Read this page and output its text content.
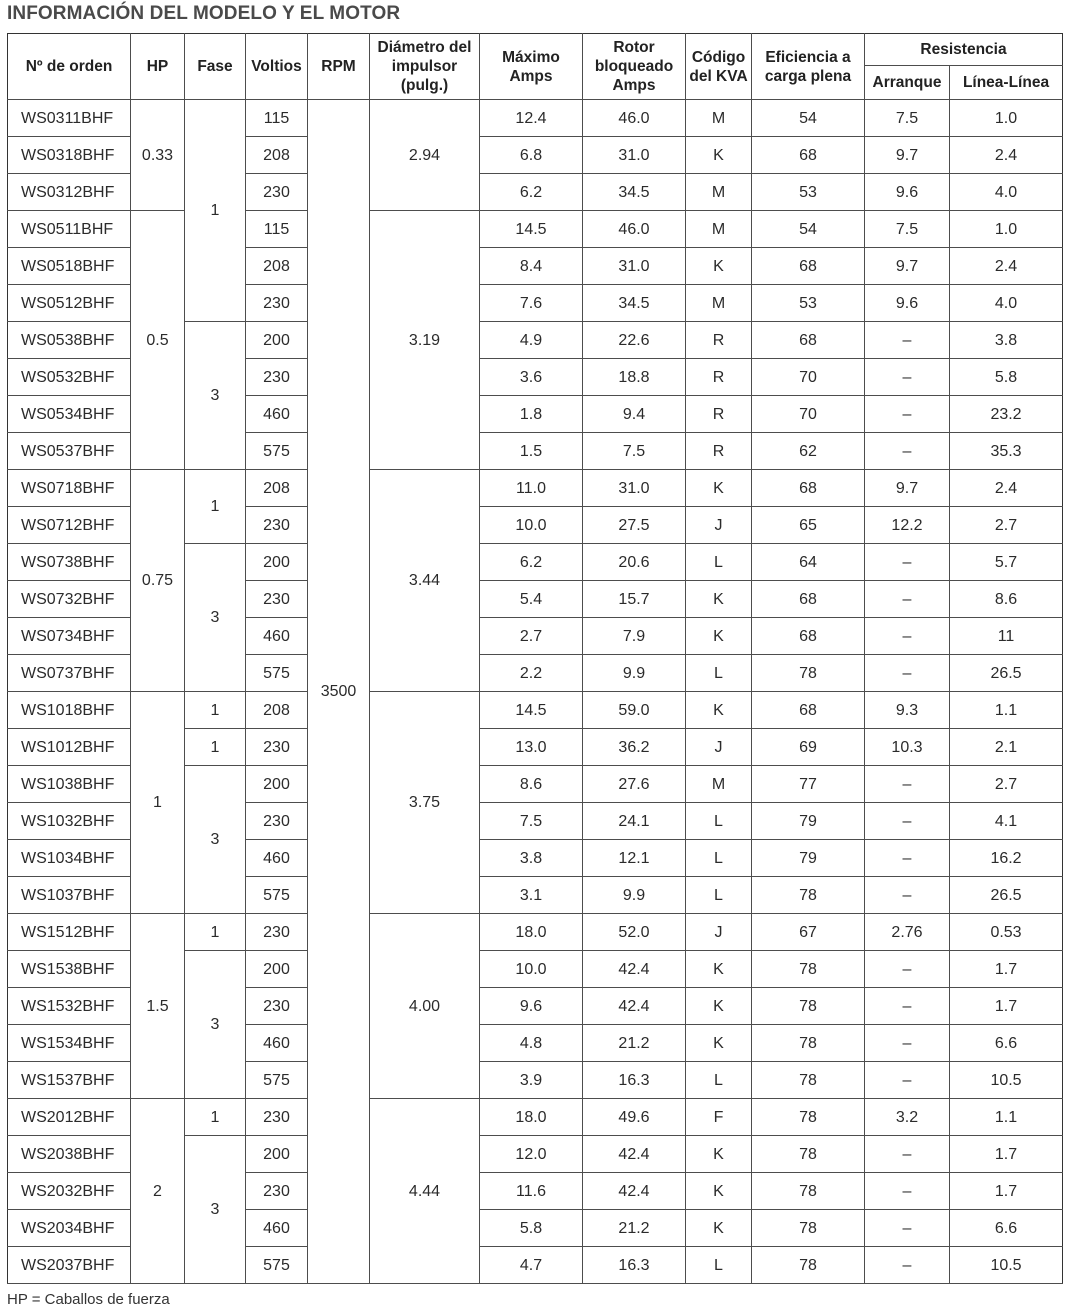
INFORMACIÓN DEL MODELO Y EL MOTOR
Nº de orden	HP	Fase	Voltios	RPM	Diámetro del impulsor (pulg.)	Máximo Amps	Rotor bloqueado Amps	Código del KVA	Eficiencia a carga plena	Resistencia	
										Arranque	Línea-Línea
WS0311BHF	0.33	1	115	3500	2.94	12.4	46.0	M	54	7.5	1.0
WS0318BHF			208			6.8	31.0	K	68	9.7	2.4
WS0312BHF			230			6.2	34.5	M	53	9.6	4.0
WS0511BHF	0.5		115		3.19	14.5	46.0	M	54	7.5	1.0
WS0518BHF			208			8.4	31.0	K	68	9.7	2.4
WS0512BHF			230			7.6	34.5	M	53	9.6	4.0
WS0538BHF		3	200			4.9	22.6	R	68	–	3.8
WS0532BHF			230			3.6	18.8	R	70	–	5.8
WS0534BHF			460			1.8	9.4	R	70	–	23.2
WS0537BHF			575			1.5	7.5	R	62	–	35.3
WS0718BHF	0.75	1	208		3.44	11.0	31.0	K	68	9.7	2.4
WS0712BHF			230			10.0	27.5	J	65	12.2	2.7
WS0738BHF		3	200			6.2	20.6	L	64	–	5.7
WS0732BHF			230			5.4	15.7	K	68	–	8.6
WS0734BHF			460			2.7	7.9	K	68	–	11
WS0737BHF			575			2.2	9.9	L	78	–	26.5
WS1018BHF	1	1	208		3.75	14.5	59.0	K	68	9.3	1.1
WS1012BHF		1	230			13.0	36.2	J	69	10.3	2.1
WS1038BHF		3	200			8.6	27.6	M	77	–	2.7
WS1032BHF			230			7.5	24.1	L	79	–	4.1
WS1034BHF			460			3.8	12.1	L	79	–	16.2
WS1037BHF			575			3.1	9.9	L	78	–	26.5
WS1512BHF	1.5	1	230		4.00	18.0	52.0	J	67	2.76	0.53
WS1538BHF		3	200			10.0	42.4	K	78	–	1.7
WS1532BHF			230			9.6	42.4	K	78	–	1.7
WS1534BHF			460			4.8	21.2	K	78	–	6.6
WS1537BHF			575			3.9	16.3	L	78	–	10.5
WS2012BHF	2	1	230		4.44	18.0	49.6	F	78	3.2	1.1
WS2038BHF		3	200			12.0	42.4	K	78	–	1.7
WS2032BHF			230			11.6	42.4	K	78	–	1.7
WS2034BHF			460			5.8	21.2	K	78	–	6.6
WS2037BHF			575			4.7	16.3	L	78	–	10.5
HP = Caballos de fuerza
